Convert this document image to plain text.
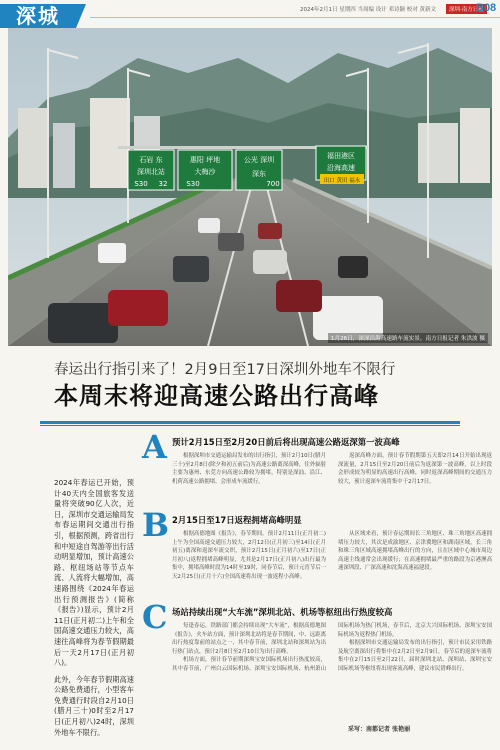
深城	2024年2月1日 星期四 当周编 设计 邓诗颖 校对 黄新文	深圳·南方日报
B08
石岩 东
深圳北站
S30
惠阳 坪地
大梅沙
S30
公光 深圳
深东
福田港区
沿海高速
32	700	出口 黄田 福永
1月26日，深深沿海高速路车流实景。南方日报记者 朱洪波 摄
春运出行指引来了！2月9日至17日深圳外地车不限行
本周末将迎高速公路出行高峰

2024年春运已开始，预计40天内全国旅客发送量将突破90亿人次，近日，深圳市交通运输局发布春运期间交通出行指引，根据预测，跨省出行和中短途自驾游等出行活动明显增加，预计高速公路、枢纽场站等节点车流、人流将大幅增加，高速路围绕《2024年春运出行预测报告》(简称《报告》)显示，预计2月11日(正月初二)上午和全国高速交通压力较大，高速往高峰将为春节假期最后一天2月17日(正月初八)。

此外，今年春节假期高速公路免费通行，小型客车免费通行时段自2月10日(腊月三十)0时至2月17日(正月初八)24时，深圳外地车不限行。

A 预计2月15日至2月20日前后将出现高速公路返深第一波高峰

根据深圳市交通运输局发布的出行指引，预计2月10日(腊月三十)至2月8日(除夕和初五前后)为高速公路离深高峰，往外辐射主要为惠州、东莞方向高速公路较为拥堵，特别是深汕、沿江、机荷高速公路拥堵，会形成车流缓行。

返深高峰方面，预计春节假期第五天即2月14日开始出现返深流量，2月15日至2月20日前后为返深第一波高峰，以上时段会形成较为明显的高速出行高峰，同时返深高峰期间的交通压力较大，预计返深车流将集中于2月17日。

B 2月15日至17日返程拥堵高峰明显

根据高德地图《报告》，春节期间，预计2月11日(正月初二)上午为全国高速交通压力较大，2月12日(正月初三)至14日(正月初五)离深和返深车流交织，预计2月15日(正月初六)至17日(正月初八)返程拥堵高峰明显，尤其是2月17日(正月初八)出行最为集中，拥堵高峰时段为14时至19时，同春节后，预计元宵节后一天2月25日(正月十六)全国高速将出现一波返程小高峰。

从区域来看，预计春运期间长三角地区、珠三角地区高速拥堵压力较大，其次是成渝地区、京津冀地区和湖南区域，长三角和珠三角区域高速拥堵高峰出行的方向，且在区域中心城市周边高速主线通常会出现缓行；在高速拥堵最严重的路段为京港澳高速深圳段、广深高速和沈海高速福建段。

C 场站持续出现“大车流”深圳北站、机场等枢纽出行热度较高

每逢春运，铁路部门都会持续出现“大车流”，根据高德地图《报告》，火车站方面，预计深圳北站将是春节期间，中、远距离出行热度靠前的站点之一，其中春节前，深圳北站和深圳站为出行热门站点，预计2月8日至2月10日为出行高峰。

机场方面，预计春节前期深圳宝安国际机场出行热度较高，其中春节前，广州白云国际机场、深圳宝安国际机场、杭州萧山国际机场为热门机场，春节后，北京大兴国际机场、深圳宝安国际机场为返程热门机场。

根据深圳市交通运输局发布的出行指引，预计市民采用铁路及航空离深出行将集中在2月2日至2月9日，春节后的返深车流将集中在2月15日至2月22日，届时深圳北站、深圳站、深圳宝安国际机场等枢纽将出现客流高峰，建议市民错峰出行。

采写：南都记者 张艳丽
